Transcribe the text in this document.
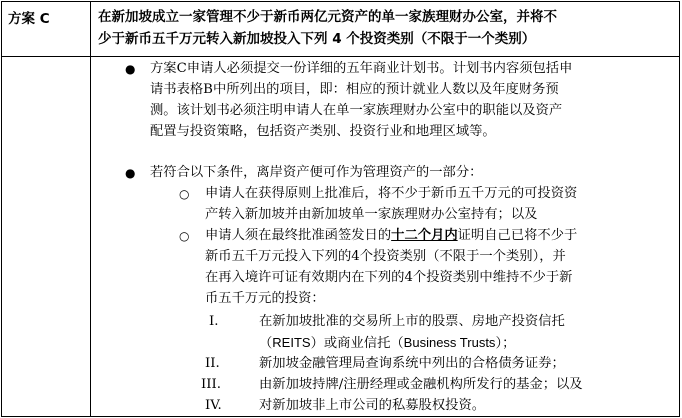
方案 C	在新加坡成立一家管理不少于新币两亿元资产的单一家族理财办公室，并将不
少于新币五千万元转入新加坡投入下列 4 个投资类别（不限于一个类别）
● 方案C申请人必须提交一份详细的五年商业计划书。计划书内容须包括申
请书表格B中所列出的项目，即：相应的预计就业人数以及年度财务预
测。该计划书必须注明申请人在单一家族理财办公室中的职能以及资产
配置与投资策略，包括资产类别、投资行业和地理区域等。
● 若符合以下条件，离岸资产便可作为管理资产的一部分：
○ 申请人在获得原则上批准后，将不少于新币五千万元的可投资资
产转入新加坡并由新加坡单一家族理财办公室持有；以及
○ 申请人须在最终批准函签发日的十二个月内证明自己已将不少于
新币五千万元投入下列的4个投资类别（不限于一个类别），并
在再入境许可证有效期内在下列的4个投资类别中维持不少于新
币五千万元的投资：
I.	在新加坡批准的交易所上市的股票、房地产投资信托
（REITS）或商业信托（Business Trusts）；
II.	新加坡金融管理局查询系统中列出的合格债务证券；
III.	由新加坡持牌/注册经理或金融机构所发行的基金；以及
IV.	对新加坡非上市公司的私募股权投资。
